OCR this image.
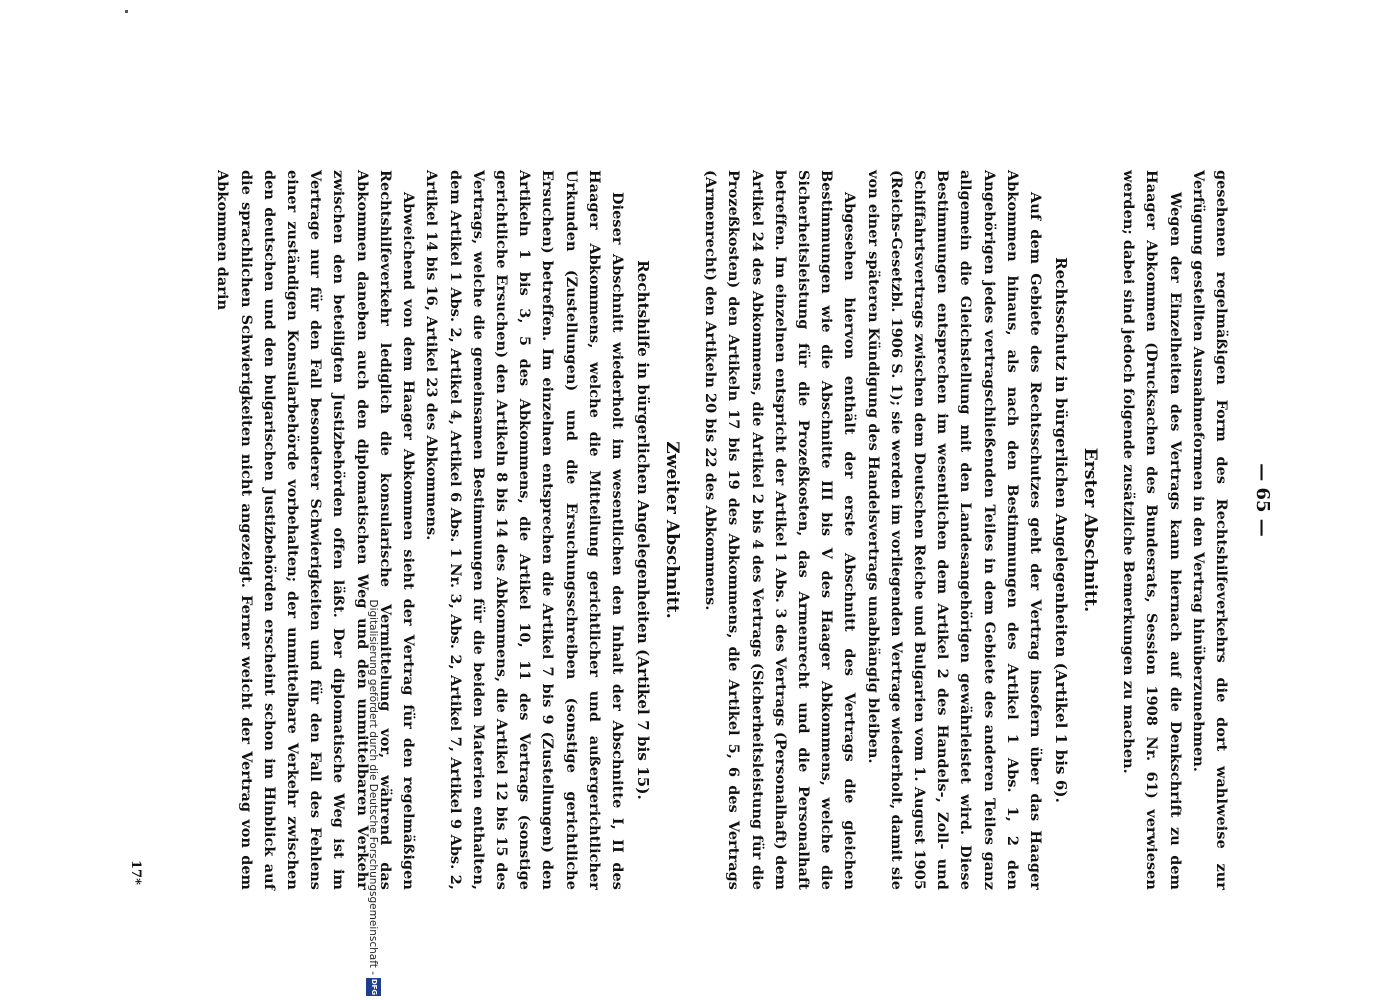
— 65 —

gesehenen regelmäßigen Form des Rechtshilfeverkehrs die dort wahlweise zur Verfügung gestellten Ausnahmeformen in den Vertrag hinüberzunehmen.

Wegen der Einzelheiten des Vertrags kann hiernach auf die Denkschrift zu dem Haager Abkommen (Drucksachen des Bundesrats, Session 1908 Nr. 61) verwiesen werden; dabei sind jedoch folgende zusätzliche Bemerkungen zu machen.

Erster Abschnitt.
Rechtsschutz in bürgerlichen Angelegenheiten (Artikel 1 bis 6).

Auf dem Gebiete des Rechtsschutzes geht der Vertrag insofern über das Haager Abkommen hinaus, als nach den Bestimmungen des Artikel 1 Abs. 1, 2 den Angehörigen jedes vertragschließenden Teiles in dem Gebiete des anderen Teiles ganz allgemein die Gleichstellung mit den Landesangehörigen gewährleistet wird. Diese Bestimmungen entsprechen im wesentlichen dem Artikel 2 des Handels-, Zoll- und Schiffahrtsvertrags zwischen dem Deutschen Reiche und Bulgarien vom 1. August 1905 (Reichs-Gesetzbl. 1906 S. 1); sie werden im vorliegenden Vertrage wiederholt, damit sie von einer späteren Kündigung des Handelsvertrags unabhängig bleiben.

Abgesehen hiervon enthält der erste Abschnitt des Vertrags die gleichen Bestimmungen wie die Abschnitte III bis V des Haager Abkommens, welche die Sicherheitsleistung für die Prozeßkosten, das Armenrecht und die Personalhaft betreffen. Im einzelnen entspricht der Artikel 1 Abs. 3 des Vertrags (Personalhaft) dem Artikel 24 des Abkommens, die Artikel 2 bis 4 des Vertrags (Sicherheitsleistung für die Prozeßkosten) den Artikeln 17 bis 19 des Abkommens, die Artikel 5, 6 des Vertrags (Armenrecht) den Artikeln 20 bis 22 des Abkommens.

Zweiter Abschnitt.
Rechtshilfe in bürgerlichen Angelegenheiten (Artikel 7 bis 15).

Dieser Abschnitt wiederholt im wesentlichen den Inhalt der Abschnitte I, II des Haager Abkommens, welche die Mitteilung gerichtlicher und außergerichtlicher Urkunden (Zustellungen) und die Ersuchungsschreiben (sonstige gerichtliche Ersuchen) betreffen. Im einzelnen entsprechen die Artikel 7 bis 9 (Zustellungen) den Artikeln 1 bis 3, 5 des Abkommens, die Artikel 10, 11 des Vertrags (sonstige gerichtliche Ersuchen) den Artikeln 8 bis 14 des Abkommens, die Artikel 12 bis 15 des Vertrags, welche die gemeinsamen Bestimmungen für die beiden Materien enthalten, dem Artikel 1 Abs. 2, Artikel 4, Artikel 6 Abs. 1 Nr. 3, Abs. 2, Artikel 7, Artikel 9 Abs. 2, Artikel 14 bis 16, Artikel 23 des Abkommens.

Abweichend von dem Haager Abkommen sieht der Vertrag für den regelmäßigen Rechtshilfeverkehr lediglich die konsularische Vermittelung vor, während das Abkommen daneben auch den diplomatischen Weg und den unmittelbaren Verkehr zwischen den beteiligten Justizbehörden offen läßt. Der diplomatische Weg ist im Vertrage nur für den Fall besonderer Schwierigkeiten und für den Fall des Fehlens einer zuständigen Konsularbehörde vorbehalten; der unmittelbare Verkehr zwischen den deutschen und den bulgarischen Justizbehörden erscheint schon im Hinblick auf die sprachlichen Schwierigkeiten nicht angezeigt. Ferner weicht der Vertrag von dem Abkommen darin

17*	Digitalisierung gefördert durch die Deutsche Forschungsgemeinschaft -
DFG
